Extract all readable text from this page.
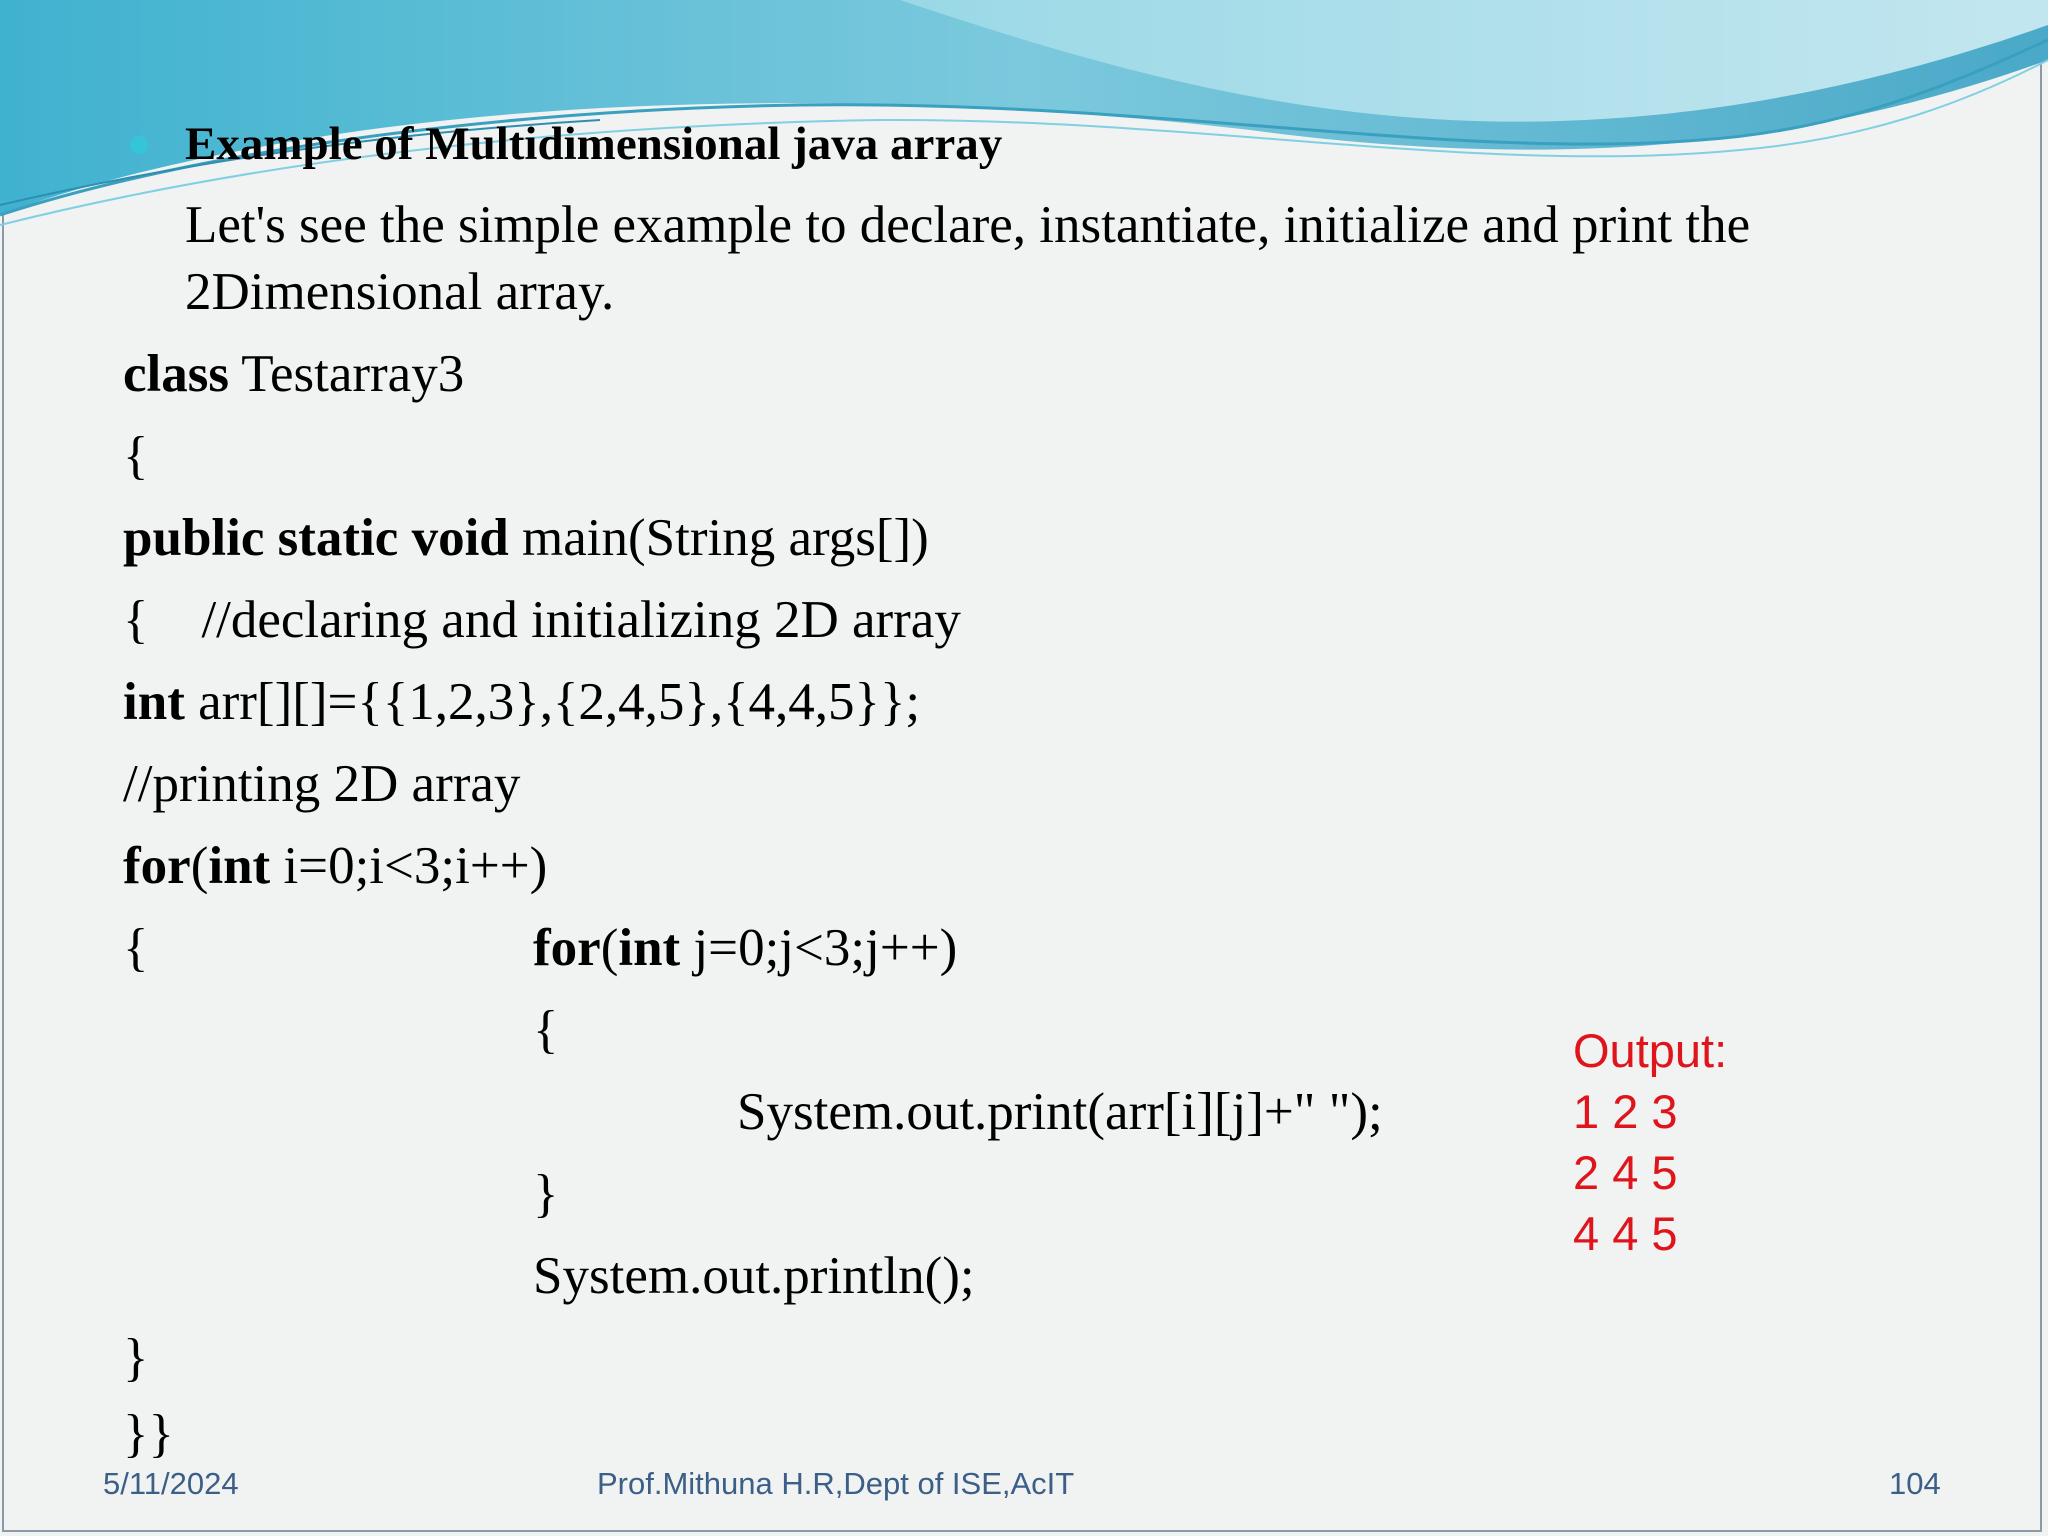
Example of Multidimensional java array
Let's see the simple example to declare, instantiate, initialize and print the 2Dimensional array.
class Testarray3
{
public static void main(String args[])
{    //declaring and initializing 2D array
int arr[][]={{1,2,3},{2,4,5},{4,4,5}};
//printing 2D array
for(int i=0;i<3;i++)
{	for(int j=0;j<3;j++)
{
System.out.print(arr[i][j]+" ");
}
System.out.println();
}
}}
Output:
1 2 3
2 4 5
4 4 5
5/11/2024	Prof.Mithuna H.R,Dept of ISE,AcIT	104
